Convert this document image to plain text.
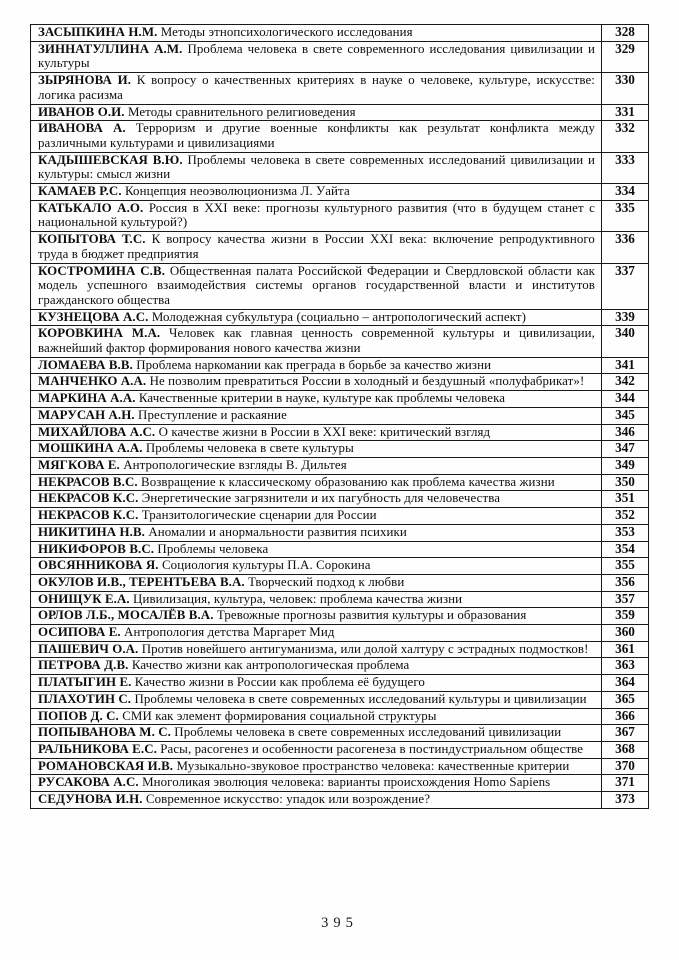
ЗАСЫПКИНА Н.М. Методы этнопсихологического исследования	328
ЗИННАТУЛЛИНА А.М. Проблема человека в свете современного исследования цивилизации и культуры	329
ЗЫРЯНОВА И. К вопросу о качественных критериях в науке о человеке, культуре, искусстве: логика расизма	330
ИВАНОВ О.И. Методы сравнительного религиоведения	331
ИВАНОВА А. Терроризм и другие военные конфликты как результат конфликта между различными культурами и цивилизациями	332
КАДЫШЕВСКАЯ В.Ю. Проблемы человека в свете современных исследований цивилизации и культуры: смысл жизни	333
КАМАЕВ Р.С. Концепция неоэволюционизма Л. Уайта	334
КАТЬКАЛО А.О. Россия в XXI веке: прогнозы культурного развития (что в будущем станет с национальной культурой?)	335
КОПЫТОВА Т.С. К вопросу качества жизни в России XXI века: включение репродуктивного труда в бюджет предприятия	336
КОСТРОМИНА С.В. Общественная палата Российской Федерации и Свердловской области как модель успешного взаимодействия системы органов государственной власти и институтов гражданского общества	337
КУЗНЕЦОВА А.С. Молодежная субкультура (социально – антропологический аспект)	339
КОРОВКИНА М.А. Человек как главная ценность современной культуры и цивилизации, важнейший фактор формирования нового качества жизни	340
ЛОМАЕВА В.В. Проблема наркомании как преграда в борьбе за качество жизни	341
МАНЧЕНКО А.А. Не позволим превратиться России в холодный и бездушный «полуфабрикат»!	342
МАРКИНА А.А. Качественные критерии в науке, культуре как проблемы человека	344
МАРУСАН А.Н. Преступление и раскаяние	345
МИХАЙЛОВА А.С. О качестве жизни в России в XXI веке: критический взгляд	346
МОШКИНА А.А. Проблемы человека в свете культуры	347
МЯГКОВА Е. Антропологические взгляды В. Дильтея	349
НЕКРАСОВ В.С. Возвращение к классическому образованию как проблема качества жизни	350
НЕКРАСОВ К.С. Энергетические загрязнители и их пагубность для человечества	351
НЕКРАСОВ К.С. Транзитологические сценарии для России	352
НИКИТИНА Н.В. Аномалии и анормальности развития психики	353
НИКИФОРОВ В.С. Проблемы человека	354
ОВСЯННИКОВА Я. Социология культуры П.А. Сорокина	355
ОКУЛОВ И.В., ТЕРЕНТЬЕВА В.А. Творческий подход к любви	356
ОНИЩУК Е.А. Цивилизация, культура, человек: проблема качества жизни	357
ОРЛОВ Л.Б., МОСАЛЁВ В.А. Тревожные прогнозы развития культуры и образования	359
ОСИПОВА Е. Антропология детства Маргарет Мид	360
ПАШЕВИЧ О.А. Против новейшего антигуманизма, или долой халтуру с эстрадных подмостков!	361
ПЕТРОВА Д.В. Качество жизни как антропологическая проблема	363
ПЛАТЫГИН Е. Качество жизни в России как проблема её будущего	364
ПЛАХОТИН С. Проблемы человека в свете современных исследований культуры и цивилизации	365
ПОПОВ Д. С. СМИ как элемент формирования социальной структуры	366
ПОПЫВАНОВА М. С. Проблемы человека в свете современных исследований цивилизации	367
РАЛЬНИКОВА Е.С. Расы, расогенез и особенности расогенеза в постиндустриальном обществе	368
РОМАНОВСКАЯ И.В. Музыкально-звуковое пространство человека: качественные критерии	370
РУСАКОВА А.С. Многоликая эволюция человека: варианты происхождения Homo Sapiens	371
СЕДУНОВА И.Н. Современное искусство: упадок или возрождение?	373
395
